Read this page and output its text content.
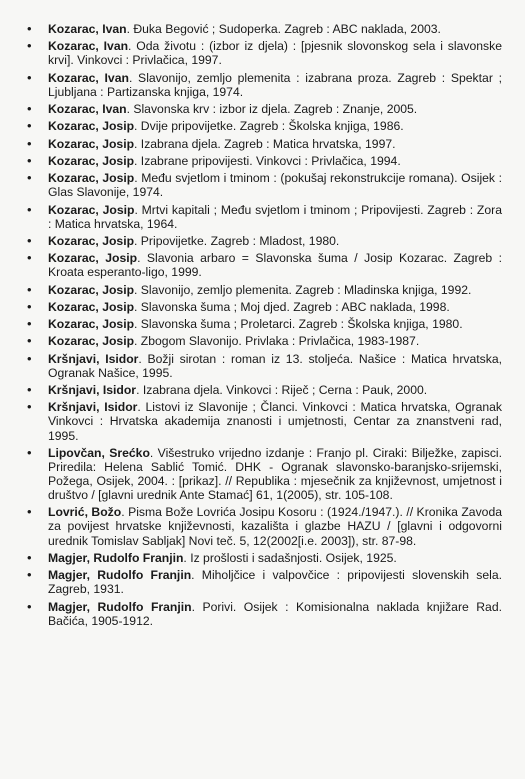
• Kozarac, Ivan. Đuka Begović ; Sudoperka. Zagreb : ABC naklada, 2003.
• Kozarac, Ivan. Oda životu : (izbor iz djela) : [pjesnik slovonskog sela i slavonske krvi]. Vinkovci : Privlačica, 1997.
• Kozarac, Ivan. Slavonijo, zemljo plemenita : izabrana proza. Zagreb : Spektar ; Ljubljana : Partizanska knjiga, 1974.
• Kozarac, Ivan. Slavonska krv : izbor iz djela. Zagreb : Znanje, 2005.
• Kozarac, Josip. Dvije pripovijetke. Zagreb : Školska knjiga, 1986.
• Kozarac, Josip. Izabrana djela. Zagreb : Matica hrvatska, 1997.
• Kozarac, Josip. Izabrane pripovijesti. Vinkovci : Privlačica, 1994.
• Kozarac, Josip. Među svjetlom i tminom : (pokušaj rekonstrukcije romana). Osijek : Glas Slavonije, 1974.
• Kozarac, Josip. Mrtvi kapitali ; Među svjetlom i tminom ; Pripovijesti. Zagreb : Zora : Matica hrvatska, 1964.
• Kozarac, Josip. Pripovijetke. Zagreb : Mladost, 1980.
• Kozarac, Josip. Slavonia arbaro = Slavonska šuma / Josip Kozarac. Zagreb : Kroata esperanto-ligo, 1999.
• Kozarac, Josip. Slavonijo, zemljo plemenita. Zagreb : Mladinska knjiga, 1992.
• Kozarac, Josip. Slavonska šuma ; Moj djed. Zagreb : ABC naklada, 1998.
• Kozarac, Josip. Slavonska šuma ; Proletarci. Zagreb : Školska knjiga, 1980.
• Kozarac, Josip. Zbogom Slavonijo. Privlaka : Privlačica, 1983-1987.
• Kršnjavi, Isidor. Božji sirotan : roman iz 13. stoljeća. Našice : Matica hrvatska, Ogranak Našice, 1995.
• Kršnjavi, Isidor. Izabrana djela. Vinkovci : Riječ ; Cerna : Pauk, 2000.
• Kršnjavi, Isidor. Listovi iz Slavonije ; Članci. Vinkovci : Matica hrvatska, Ogranak Vinkovci : Hrvatska akademija znanosti i umjetnosti, Centar za znanstveni rad, 1995.
• Lipovčan, Srećko. Višestruko vrijedno izdanje : Franjo pl. Ciraki: Bilježke, zapisci. Priredila: Helena Sablić Tomić. DHK - Ogranak slavonsko-baranjsko-srijemski, Požega, Osijek, 2004. : [prikaz]. // Republika : mjesečnik za književnost, umjetnost i društvo / [glavni urednik Ante Stamać] 61, 1(2005), str. 105-108.
• Lovrić, Božo. Pisma Bože Lovrića Josipu Kosoru : (1924./1947.). // Kronika Zavoda za povijest hrvatske književnosti, kazališta i glazbe HAZU / [glavni i odgovorni urednik Tomislav Sabljak] Novi teč. 5, 12(2002[i.e. 2003]), str. 87-98.
• Magjer, Rudolfo Franjin. Iz prošlosti i sadašnjosti. Osijek, 1925.
• Magjer, Rudolfo Franjin. Miholjčice i valpovčice : pripovijesti slovenskih sela. Zagreb, 1931.
• Magjer, Rudolfo Franjin. Porivi. Osijek : Komisionalna naklada knjižare Rad. Bačića, 1905-1912.
